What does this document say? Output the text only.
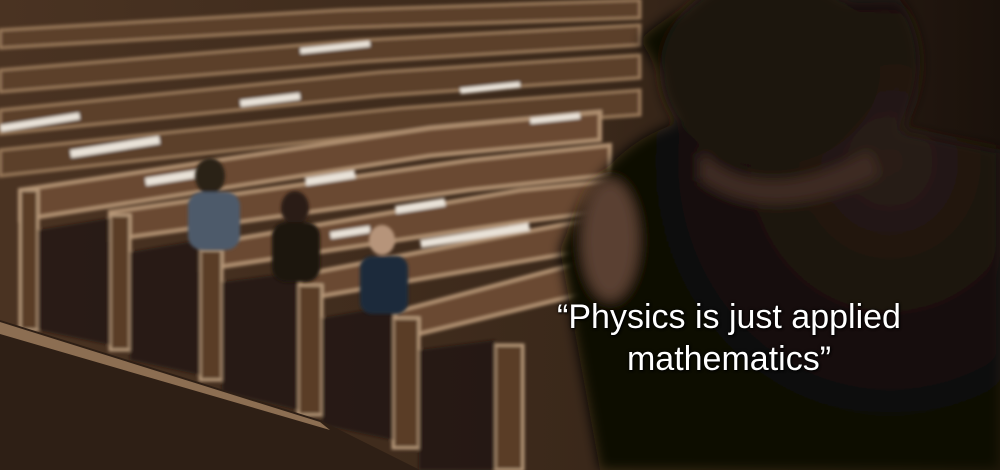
“Physics is just applied
mathematics”
